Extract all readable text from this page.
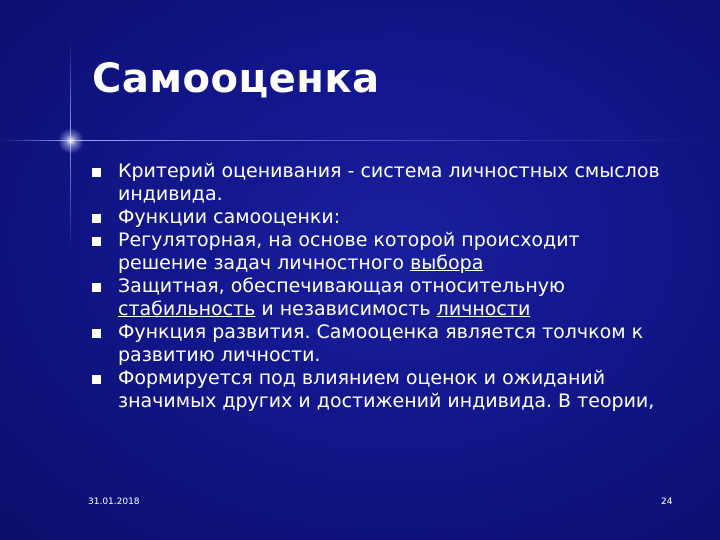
Самооценка
Критерий оценивания - система личностных смыслов индивида.
Функции самооценки:
Регуляторная, на основе которой происходит решение задач личностного выбора
Защитная, обеспечивающая относительную стабильность и независимость личности
Функция развития. Самооценка является толчком к развитию личности.
Формируется под влиянием оценок и ожиданий значимых других и достижений индивида. В теории,
31.01.2018	24
